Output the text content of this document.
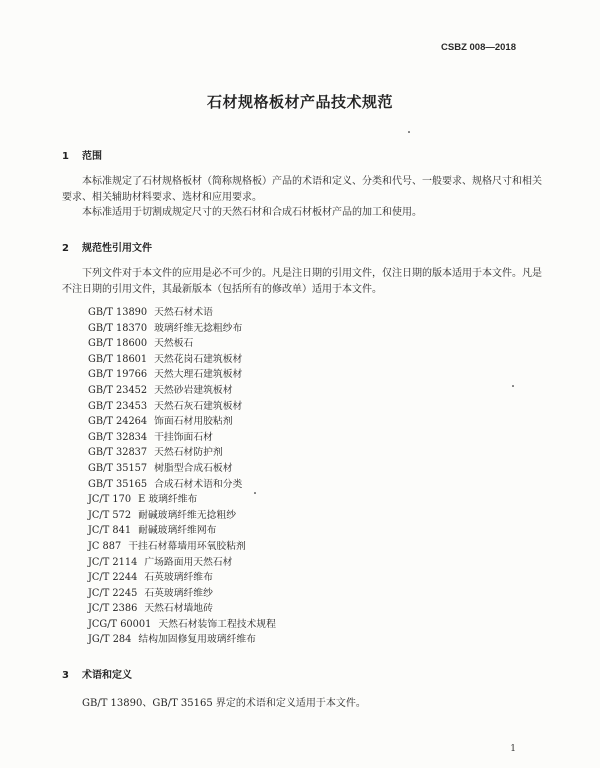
CSBZ 008—2018
石材规格板材产品技术规范
1 范围

本标准规定了石材规格板材（简称规格板）产品的术语和定义、分类和代号、一般要求、规格尺寸和相关要求、相关辅助材料要求、选材和应用要求。

本标准适用于切割成规定尺寸的天然石材和合成石材板材产品的加工和使用。

2 规范性引用文件

下列文件对于本文件的应用是必不可少的。凡是注日期的引用文件，仅注日期的版本适用于本文件。凡是不注日期的引用文件，其最新版本（包括所有的修改单）适用于本文件。

GB/T 13890 天然石材术语
GB/T 18370 玻璃纤维无捻粗纱布
GB/T 18600 天然板石
GB/T 18601 天然花岗石建筑板材
GB/T 19766 天然大理石建筑板材
GB/T 23452 天然砂岩建筑板材
GB/T 23453 天然石灰石建筑板材
GB/T 24264 饰面石材用胶粘剂
GB/T 32834 干挂饰面石材
GB/T 32837 天然石材防护剂
GB/T 35157 树脂型合成石板材
GB/T 35165 合成石材术语和分类
JC/T 170 E 玻璃纤维布
JC/T 572 耐碱玻璃纤维无捻粗纱
JC/T 841 耐碱玻璃纤维网布
JC 887 干挂石材幕墙用环氧胶粘剂
JC/T 2114 广场路面用天然石材
JC/T 2244 石英玻璃纤维布
JC/T 2245 石英玻璃纤维纱
JC/T 2386 天然石材墙地砖
JCG/T 60001 天然石材装饰工程技术规程
JG/T 284 结构加固修复用玻璃纤维布
3 术语和定义

GB/T 13890、GB/T 35165 界定的术语和定义适用于本文件。

1
